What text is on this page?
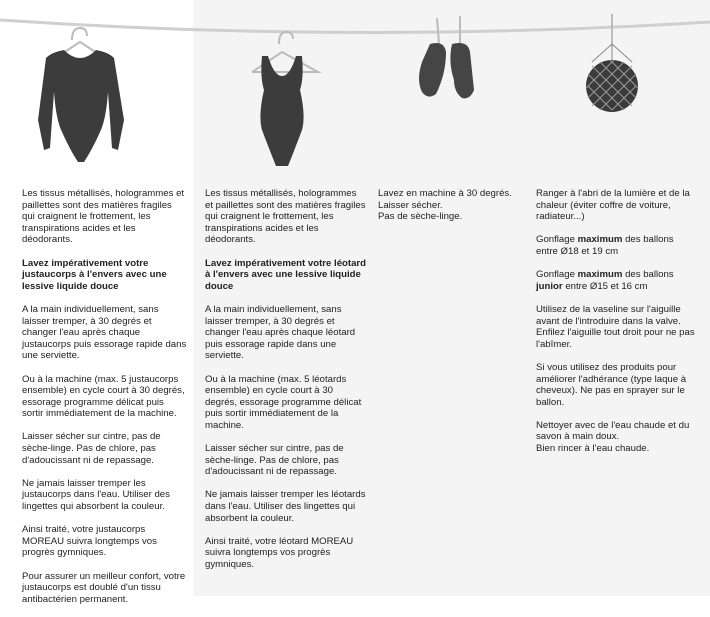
Les tissus métallisés, hologrammes et paillettes sont des matières fragiles qui craignent le frottement, les transpirations acides et les déodorants.

Lavez impérativement votre justaucorps à l'envers avec une lessive liquide douce

A la main individuellement, sans laisser tremper, à 30 degrés et changer l'eau après chaque justaucorps puis essorage rapide dans une serviette.

Ou à la machine (max. 5 justaucorps ensemble) en cycle court à 30 degrés, essorage programme délicat puis sortir immédiatement de la machine.

Laisser sécher sur cintre, pas de sèche-linge. Pas de chlore, pas d'adoucissant ni de repassage.

Ne jamais laisser tremper les justaucorps dans l'eau. Utiliser des lingettes qui absorbent la couleur.

Ainsi traité, votre justaucorps MOREAU suivra longtemps vos progrès gymniques.

Pour assurer un meilleur confort, votre justaucorps est doublé d'un tissu antibactérien permanent.

Les tissus métallisés, hologrammes et paillettes sont des matières fragiles qui craignent le frottement, les transpirations acides et les déodorants.

Lavez impérativement votre léotard à l'envers avec une lessive liquide douce

A la main individuellement, sans laisser tremper, à 30 degrés et changer l'eau après chaque léotard puis essorage rapide dans une serviette.

Ou à la machine (max. 5 léotards ensemble) en cycle court à 30 degrés, essorage programme délicat puis sortir immédiatement de la machine.

Laisser sécher sur cintre, pas de sèche-linge. Pas de chlore, pas d'adoucissant ni de repassage.

Ne jamais laisser tremper les léotards dans l'eau. Utiliser des lingettes qui absorbent la couleur.

Ainsi traité, votre léotard MOREAU suivra longtemps vos progrès gymniques.

Lavez en machine à 30 degrés.
Laisser sécher.
Pas de sèche-linge.

Ranger à l'abri de la lumière et de la chaleur (éviter coffre de voiture, radiateur...)

Gonflage maximum des ballons entre Ø18 et 19 cm

Gonflage maximum des ballons junior entre Ø15 et 16 cm

Utilisez de la vaseline sur l'aiguille avant de l'introduire dans la valve. Enfilez l'aiguille tout droit pour ne pas l'abîmer.

Si vous utilisez des produits pour améliorer l'adhérance (type laque à cheveux). Ne pas en sprayer sur le ballon.

Nettoyer avec de l'eau chaude et du savon à main doux.
Bien rincer à l'eau chaude.
